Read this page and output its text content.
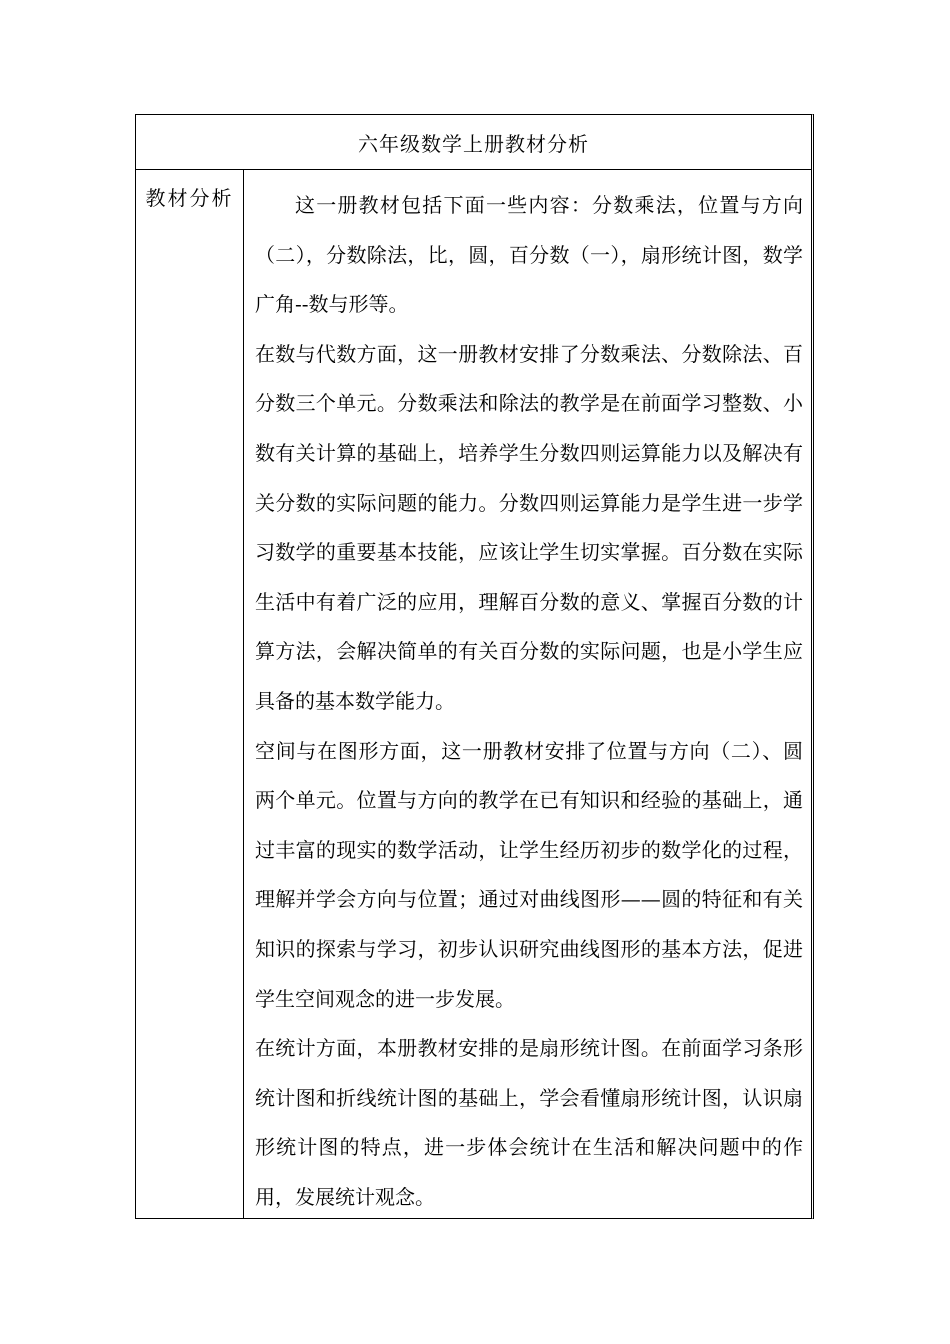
六年级数学上册教材分析
教材分析	这一册教材包括下面一些内容：分数乘法，位置与方向（二），分数除法，比，圆，百分数（一），扇形统计图，数学广角--数与形等。

在数与代数方面，这一册教材安排了分数乘法、分数除法、百分数三个单元。分数乘法和除法的教学是在前面学习整数、小数有关计算的基础上，培养学生分数四则运算能力以及解决有关分数的实际问题的能力。分数四则运算能力是学生进一步学习数学的重要基本技能，应该让学生切实掌握。百分数在实际生活中有着广泛的应用，理解百分数的意义、掌握百分数的计算方法，会解决简单的有关百分数的实际问题，也是小学生应具备的基本数学能力。

空间与在图形方面，这一册教材安排了位置与方向（二）、圆两个单元。位置与方向的教学在已有知识和经验的基础上，通过丰富的现实的数学活动，让学生经历初步的数学化的过程，理解并学会方向与位置；通过对曲线图形——圆的特征和有关知识的探索与学习，初步认识研究曲线图形的基本方法，促进学生空间观念的进一步发展。

在统计方面，本册教材安排的是扇形统计图。在前面学习条形统计图和折线统计图的基础上，学会看懂扇形统计图，认识扇形统计图的特点，进一步体会统计在生活和解决问题中的作用，发展统计观念。
